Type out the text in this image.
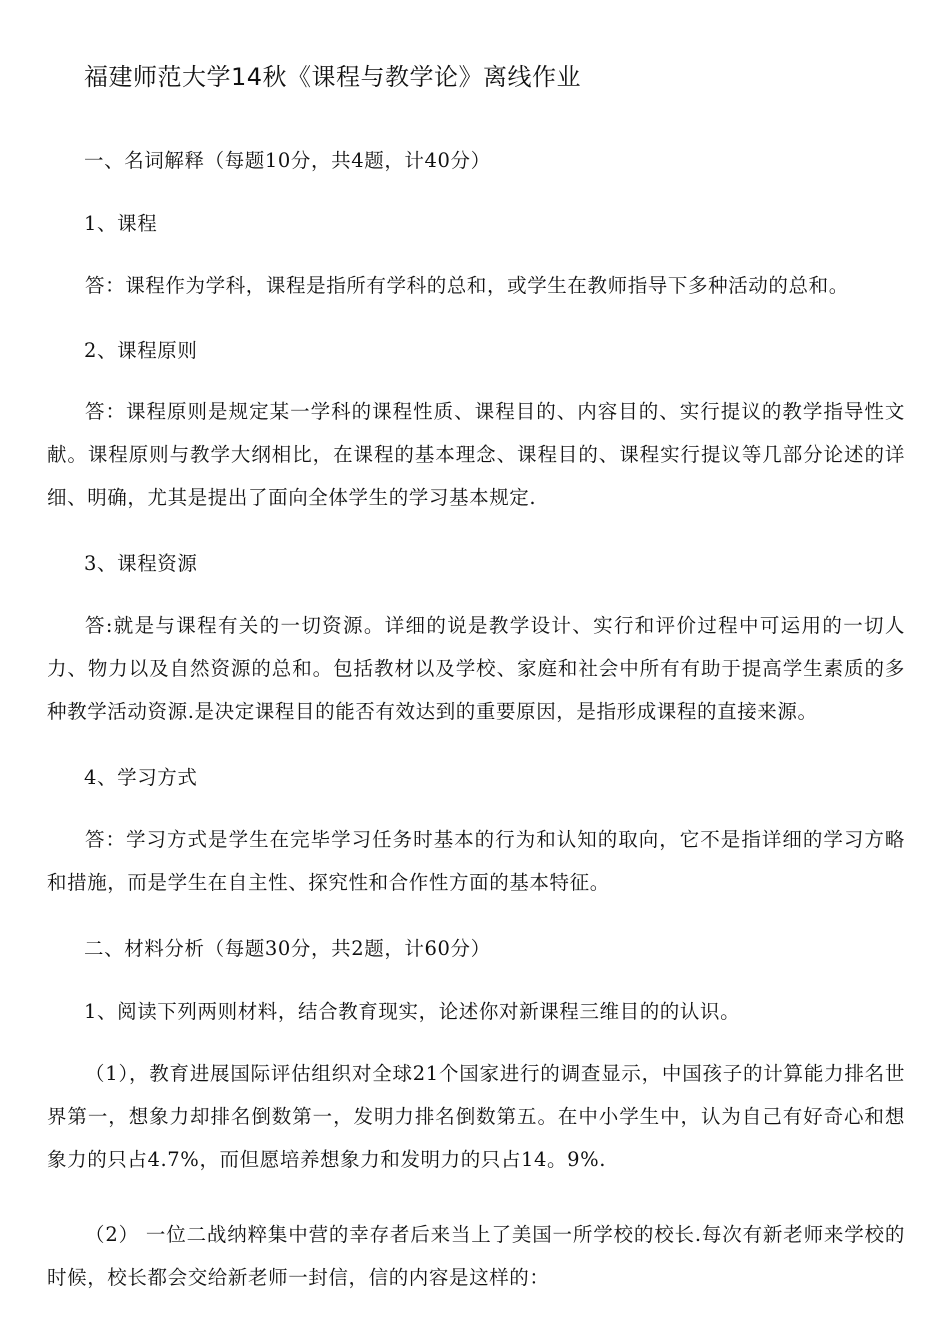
福建师范大学14秋《课程与教学论》离线作业
一、名词解释（每题10分，共4题，计40分）
1、课程
答：课程作为学科，课程是指所有学科的总和，或学生在教师指导下多种活动的总和。
2、课程原则
答：课程原则是规定某一学科的课程性质、课程目的、内容目的、实行提议的教学指导性文献。课程原则与教学大纲相比，在课程的基本理念、课程目的、课程实行提议等几部分论述的详细、明确，尤其是提出了面向全体学生的学习基本规定.
3、课程资源
答:就是与课程有关的一切资源。详细的说是教学设计、实行和评价过程中可运用的一切人力、物力以及自然资源的总和。包括教材以及学校、家庭和社会中所有有助于提高学生素质的多种教学活动资源.是决定课程目的能否有效达到的重要原因，是指形成课程的直接来源。
4、学习方式
答：学习方式是学生在完毕学习任务时基本的行为和认知的取向，它不是指详细的学习方略和措施，而是学生在自主性、探究性和合作性方面的基本特征。
二、材料分析（每题30分，共2题，计60分）
1、阅读下列两则材料，结合教育现实，论述你对新课程三维目的的认识。
（1），教育进展国际评估组织对全球21个国家进行的调查显示，中国孩子的计算能力排名世界第一，想象力却排名倒数第一，发明力排名倒数第五。在中小学生中，认为自己有好奇心和想象力的只占4.7%，而但愿培养想象力和发明力的只占14。9%.
（2） 一位二战纳粹集中营的幸存者后来当上了美国一所学校的校长.每次有新老师来学校的时候，校长都会交给新老师一封信，信的内容是这样的：
